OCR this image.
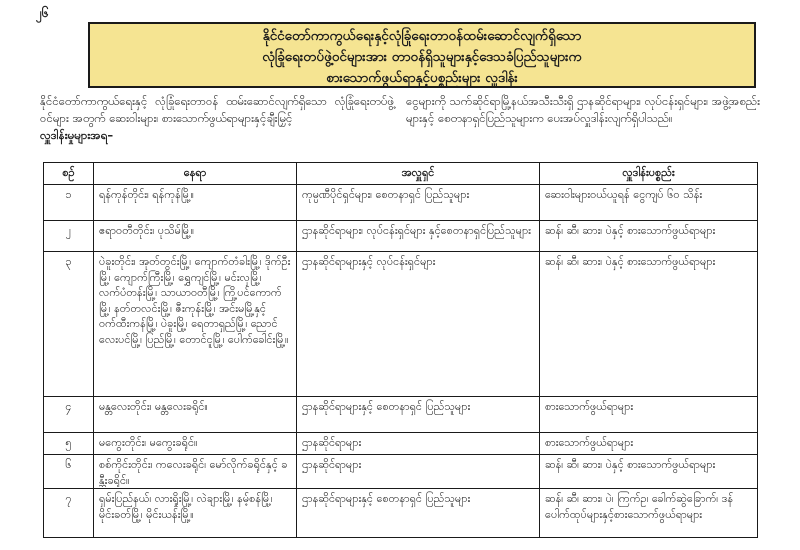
၂၆
နိုင်ငံတော်ကာကွယ်ရေးနှင့်လုံခြုံရေးတာဝန်ထမ်းဆောင်လျက်ရှိသော
လုံခြုံရေးတပ်ဖွဲ့ဝင်များအား တာဝန်ရှိသူများနှင့်ဒေသခံပြည်သူများက
စားသောက်ဖွယ်ရာနှင့်ပစ္စည်းများ လှူဒါန်း
နိုင်ငံတော်ကာကွယ်ရေးနှင့် လုံခြုံရေးတာဝန် ထမ်းဆောင်လျက်ရှိသော လုံခြုံရေးတပ်ဖွဲ့ဝင်များ အတွက် ဆေးဝါးများ၊ စားသောက်ဖွယ်ရာများနှင့်ချီးမြှင့်
လှူဒါန်းမှုများအရ–
ငွေများကို သက်ဆိုင်ရာမြို့နယ်အသီးသီးရှိ ဌာနဆိုင်ရာများ၊ လုပ်ငန်းရှင်များ၊ အဖွဲ့အစည်းများနှင့် စေတနာရှင်ပြည်သူများက ပေးအပ်လှူဒါန်းလျက်ရှိပါသည်။
စဉ်	နေရာ	အလှူရှင်	လှူဒါန်းပစ္စည်း

၁	ရန်ကုန်တိုင်း၊ ရန်ကုန်မြို့။	ကုမ္ပဏီပိုင်ရှင်များ၊ စေတနာရှင် ပြည်သူများ	ဆေးဝါးများဝယ်ယူရန် ငွေကျပ် ၆၀ သိန်း

၂	ဧရာဝတီတိုင်း၊ ပုသိမ်မြို့။	ဌာနဆိုင်ရာများ၊ လုပ်ငန်းရှင်များ နှင့်စေတနာရှင်ပြည်သူများ	ဆန်၊ ဆီ၊ ဆား၊ ပဲနှင့် စားသောက်ဖွယ်ရာများ

၃	ပဲခူးတိုင်း၊ အုတ်တွင်းမြို့၊ ကျောက်တံခါးမြို့၊ ဒိုက်ဦးမြို့၊ ကျောက်ကြီးမြို့၊ ရွှေကျင်မြို့၊ မင်းလှမြို့၊ လက်ပံတန်းမြို့၊ သာယာဝတီမြို့၊ ကြို့ပင်ကောက်မြို့၊ နတ်တလင်းမြို့၊ ဇီးကုန်းမြို့၊ အင်းမမြို့နှင့် ဝက်ထီးကန်မြို့၊ ပဲခူးမြို့၊ ရေတာရှည်မြို့၊ ညောင်လေးပင်မြို့၊ ပြည်မြို့၊ တောင်ငူမြို့၊ ပေါက်ခေါင်းမြို့။	ဌာနဆိုင်ရာများနှင့် လုပ်ငန်းရှင်များ	ဆန်၊ ဆီ၊ ဆား၊ ပဲနှင့် စားသောက်ဖွယ်ရာများ

၄	မန္တလေးတိုင်း၊ မန္တလေးခရိုင်။	ဌာနဆိုင်ရာများနှင့် စေတနာရှင် ပြည်သူများ	စားသောက်ဖွယ်ရာများ

၅	မကွေးတိုင်း၊ မကွေးခရိုင်။	ဌာနဆိုင်ရာများ	စားသောက်ဖွယ်ရာများ

၆	စစ်ကိုင်းတိုင်း၊ ကလေးခရိုင်၊ မော်လိုက်ခရိုင်နှင့် ခန္တီးခရိုင်။	ဌာနဆိုင်ရာများ	ဆန်၊ ဆီ၊ ဆား၊ ပဲနှင့် စားသောက်ဖွယ်ရာများ

၇	ရှမ်းပြည်နယ်၊ လားရှိုးမြို့၊ လဲချားမြို့၊ နမ့်စန်မြို့၊ မိုင်းခတ်မြို့၊ မိုင်းယန်းမြို့။	ဌာနဆိုင်ရာများနှင့် စေတနာရှင် ပြည်သူများ	ဆန်၊ ဆီ၊ ဆား၊ ပဲ၊ ကြက်ဥ၊ ခေါက်ဆွဲခြောက်၊ ဒန်ပေါက်ထုပ်များနှင့်စားသောက်ဖွယ်ရာများ
